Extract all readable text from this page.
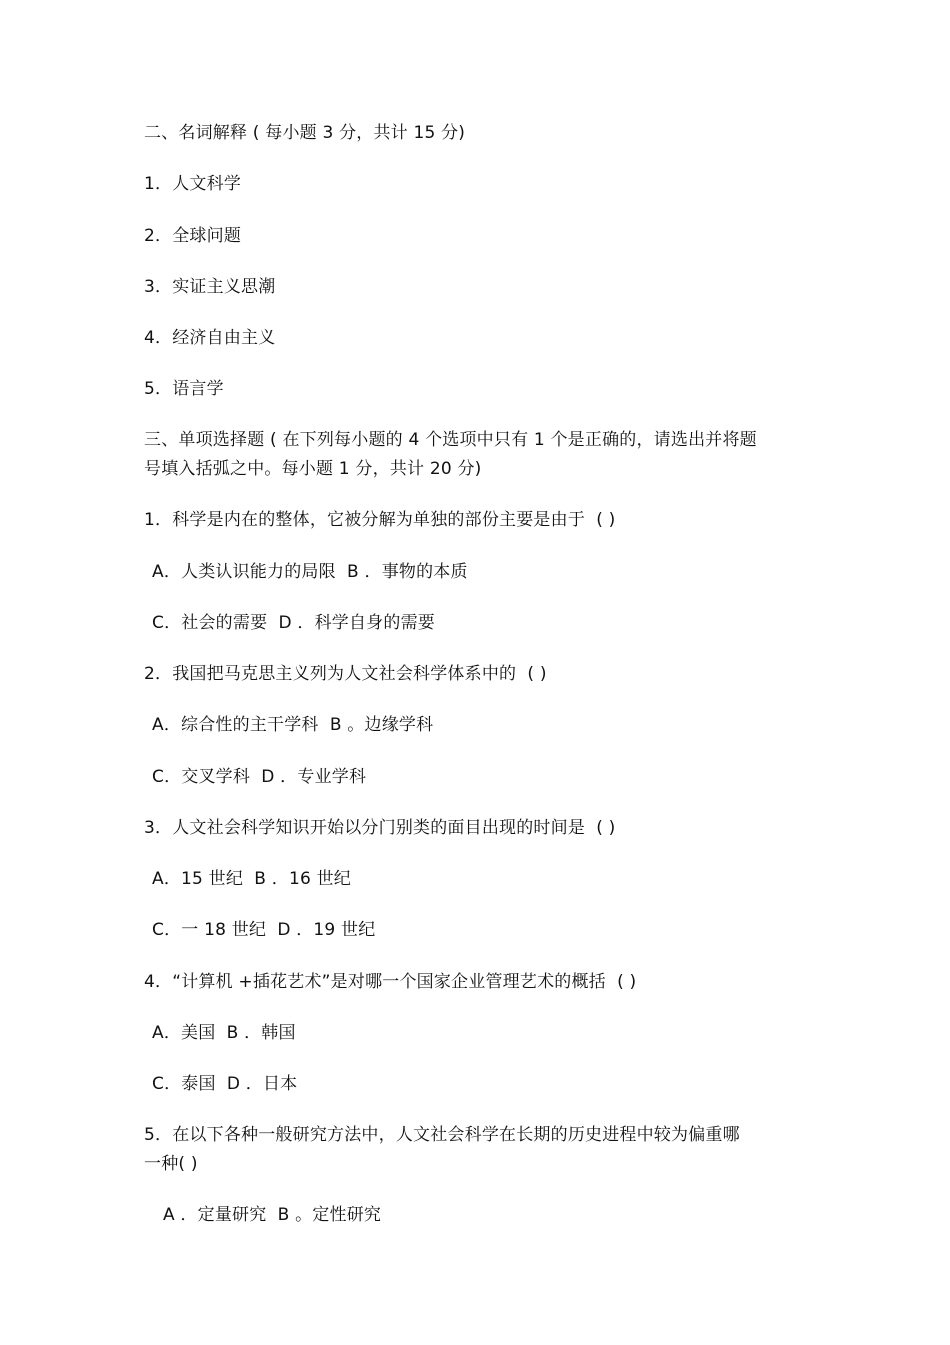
二、名词解释 ( 每小题 3 分，共计 15 分)
1．人文科学
2．全球问题
3．实证主义思潮
4．经济自由主义
5．语言学
三、单项选择题 ( 在下列每小题的 4 个选项中只有 1 个是正确的，请选出并将题
号填入括弧之中。每小题 1 分，共计 20 分)
1．科学是内在的整体，它被分解为单独的部份主要是由于  ( )
A．人类认识能力的局限  B ．事物的本质
C．社会的需要  D ．科学自身的需要
2．我国把马克思主义列为人文社会科学体系中的  ( )
A．综合性的主干学科  B 。边缘学科
C．交叉学科  D ．专业学科
3．人文社会科学知识开始以分门别类的面目出现的时间是  ( )
A．15 世纪  B ．16 世纪
C．一 18 世纪  D ．19 世纪
4．“计算机 +插花艺术”是对哪一个国家企业管理艺术的概括  ( )
A．美国  B ．韩国
C．泰国  D ．日本
5．在以下各种一般研究方法中，人文社会科学在长期的历史进程中较为偏重哪
一种( )
A ．定量研究  B 。定性研究
